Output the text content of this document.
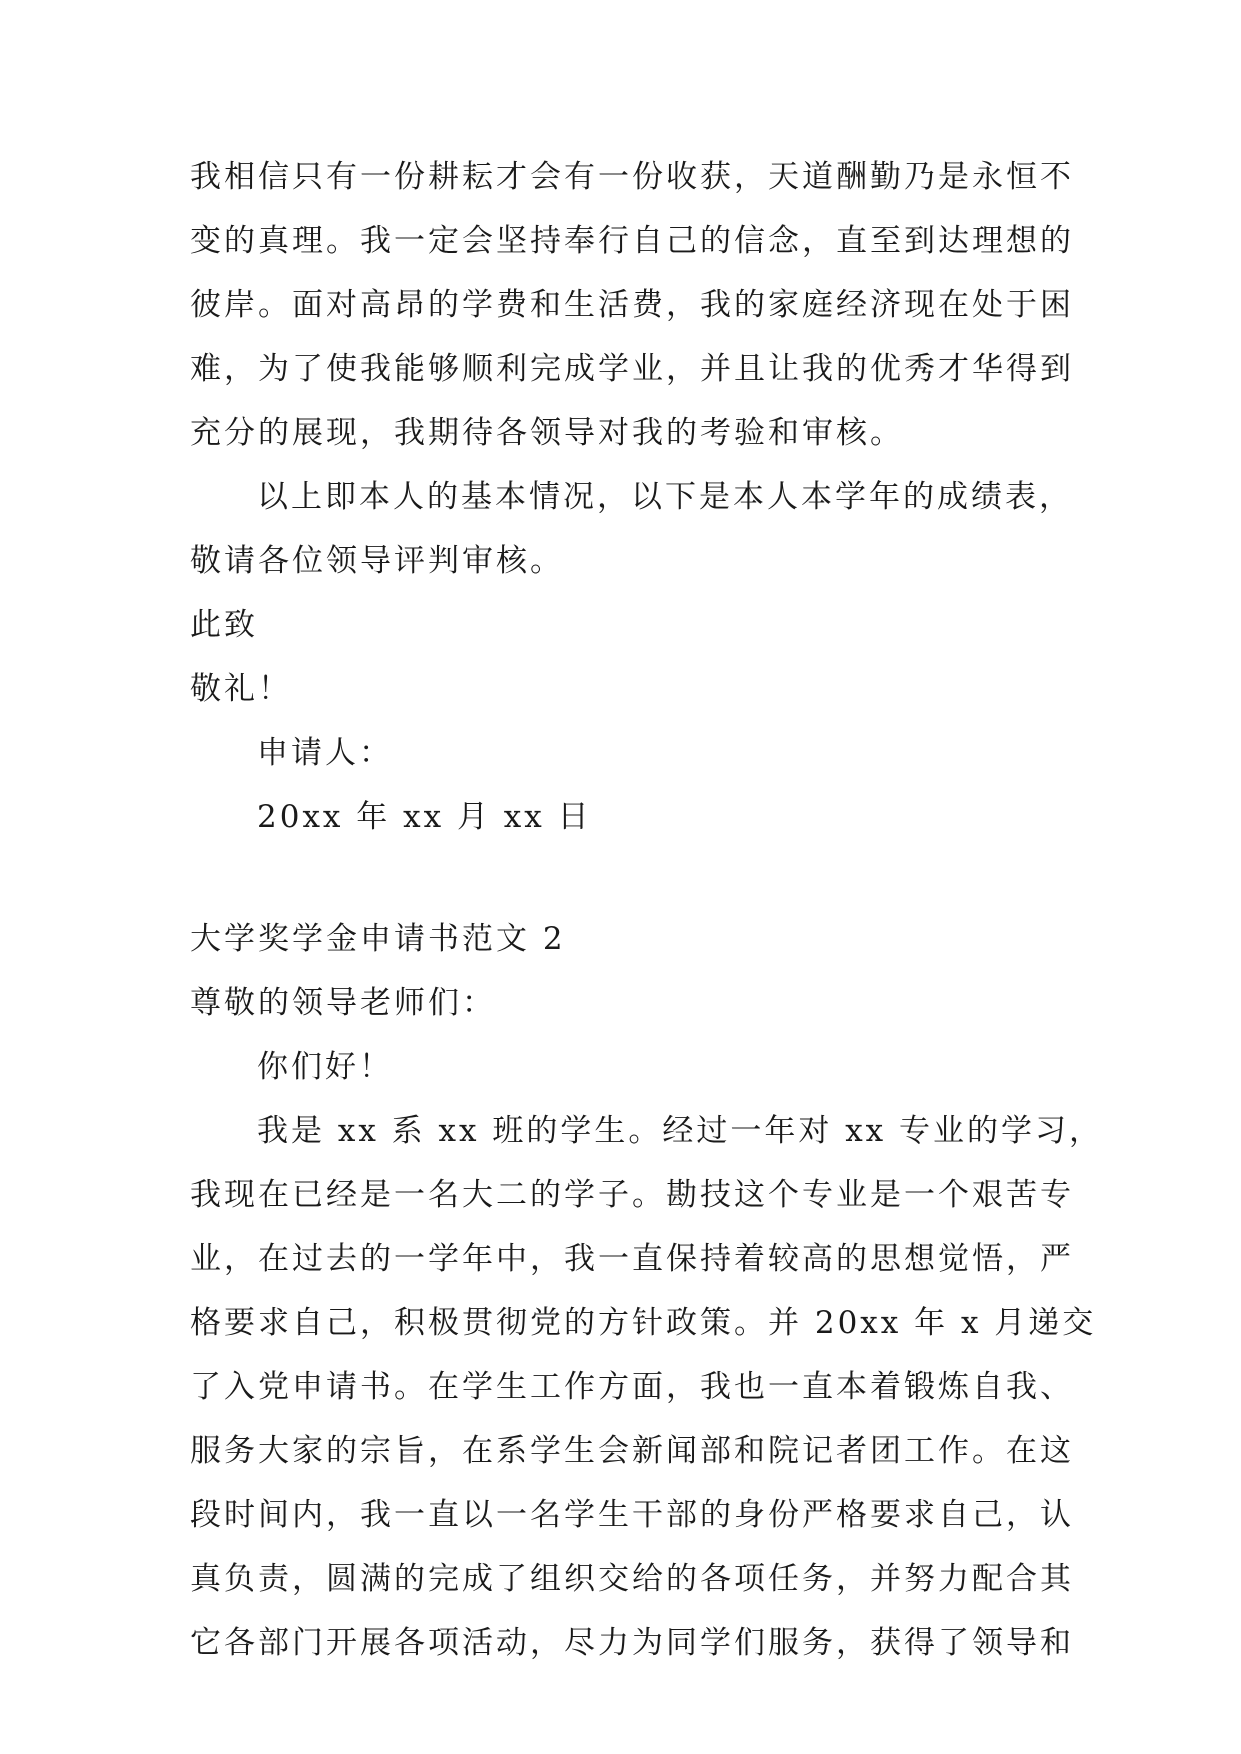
我相信只有一份耕耘才会有一份收获，天道酬勤乃是永恒不
变的真理。我一定会坚持奉行自己的信念，直至到达理想的
彼岸。面对高昂的学费和生活费，我的家庭经济现在处于困
难，为了使我能够顺利完成学业，并且让我的优秀才华得到
充分的展现，我期待各领导对我的考验和审核。
以上即本人的基本情况，以下是本人本学年的成绩表，
敬请各位领导评判审核。
此致
敬礼！
申请人：
20xx 年 xx 月 xx 日
大学奖学金申请书范文 2
尊敬的领导老师们：
你们好！
我是 xx 系 xx 班的学生。经过一年对 xx 专业的学习，
我现在已经是一名大二的学子。勘技这个专业是一个艰苦专
业，在过去的一学年中，我一直保持着较高的思想觉悟，严
格要求自己，积极贯彻党的方针政策。并 20xx 年 x 月递交
了入党申请书。在学生工作方面，我也一直本着锻炼自我、
服务大家的宗旨，在系学生会新闻部和院记者团工作。在这
段时间内，我一直以一名学生干部的身份严格要求自己，认
真负责，圆满的完成了组织交给的各项任务，并努力配合其
它各部门开展各项活动，尽力为同学们服务，获得了领导和
